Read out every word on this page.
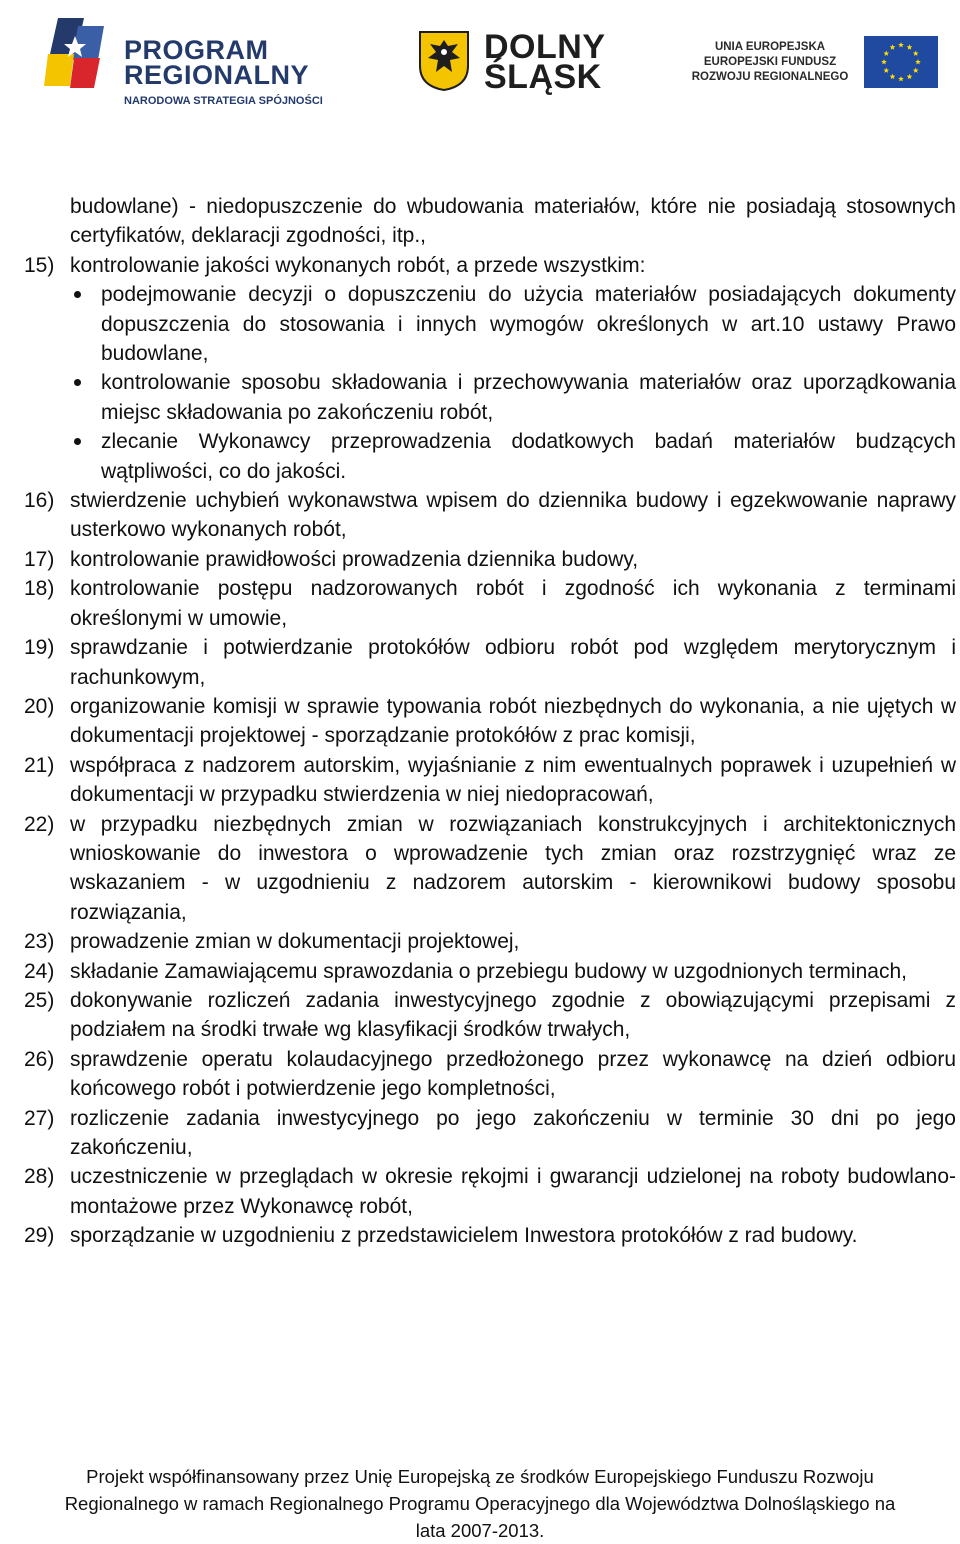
PROGRAM
REGIONALNY
NARODOWA STRATEGIA SPÓJNOŚCI
DOLNY
ŚLĄSK
UNIA EUROPEJSKA
EUROPEJSKI FUNDUSZ
ROZWOJU REGIONALNEGO
budowlane) - niedopuszczenie do wbudowania materiałów, które nie posiadają stosownych certyfikatów, deklaracji zgodności, itp.,
15) kontrolowanie jakości wykonanych robót, a przede wszystkim:
podejmowanie decyzji o dopuszczeniu do użycia materiałów posiadających dokumenty dopuszczenia do stosowania i innych wymogów określonych w art.10 ustawy Prawo budowlane,
kontrolowanie sposobu składowania i przechowywania materiałów oraz uporządkowania miejsc składowania po zakończeniu robót,
zlecanie Wykonawcy przeprowadzenia dodatkowych badań materiałów budzących wątpliwości, co do jakości.
16) stwierdzenie uchybień wykonawstwa wpisem do dziennika budowy i egzekwowanie naprawy usterkowo wykonanych robót,
17) kontrolowanie prawidłowości prowadzenia dziennika budowy,
18) kontrolowanie postępu nadzorowanych robót i zgodność ich wykonania z terminami określonymi w umowie,
19) sprawdzanie i potwierdzanie protokółów odbioru robót pod względem merytorycznym i rachunkowym,
20) organizowanie komisji w sprawie typowania robót niezbędnych do wykonania, a nie ujętych w dokumentacji projektowej - sporządzanie protokółów z prac komisji,
21) współpraca z nadzorem autorskim, wyjaśnianie z nim ewentualnych poprawek i uzupełnień w dokumentacji w przypadku stwierdzenia w niej niedopracowań,
22) w przypadku niezbędnych zmian w rozwiązaniach konstrukcyjnych i architektonicznych wnioskowanie do inwestora o wprowadzenie tych zmian oraz rozstrzygnięć wraz ze wskazaniem - w uzgodnieniu z nadzorem autorskim - kierownikowi budowy sposobu rozwiązania,
23) prowadzenie zmian w dokumentacji projektowej,
24) składanie Zamawiającemu sprawozdania o przebiegu budowy w uzgodnionych terminach,
25) dokonywanie rozliczeń zadania inwestycyjnego zgodnie z obowiązującymi przepisami z podziałem na środki trwałe wg klasyfikacji środków trwałych,
26) sprawdzenie operatu kolaudacyjnego przedłożonego przez wykonawcę na dzień odbioru końcowego robót i potwierdzenie jego kompletności,
27) rozliczenie zadania inwestycyjnego po jego zakończeniu w terminie 30 dni po jego zakończeniu,
28) uczestniczenie w przeglądach w okresie rękojmi i gwarancji udzielonej na roboty budowlano-montażowe przez Wykonawcę robót,
29) sporządzanie w uzgodnieniu z przedstawicielem Inwestora protokółów z rad budowy.
Projekt współfinansowany przez Unię Europejską ze środków Europejskiego Funduszu Rozwoju
Regionalnego w ramach Regionalnego Programu Operacyjnego dla Województwa Dolnośląskiego na
lata 2007-2013.
